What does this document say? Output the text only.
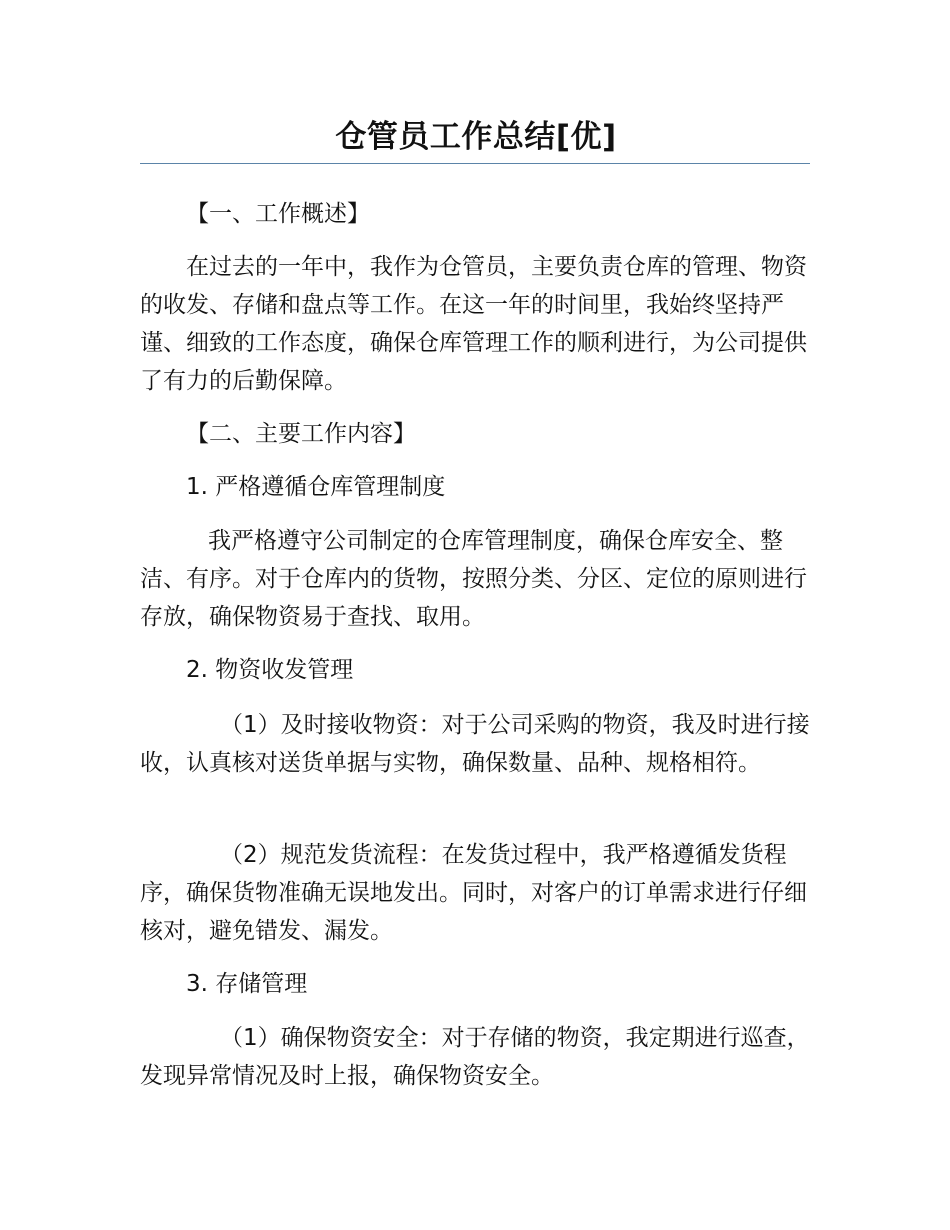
仓管员工作总结[优]

【一、工作概述】

在过去的一年中，我作为仓管员，主要负责仓库的管理、物资的收发、存储和盘点等工作。在这一年的时间里，我始终坚持严谨、细致的工作态度，确保仓库管理工作的顺利进行，为公司提供了有力的后勤保障。

【二、主要工作内容】

1. 严格遵循仓库管理制度

我严格遵守公司制定的仓库管理制度，确保仓库安全、整洁、有序。对于仓库内的货物，按照分类、分区、定位的原则进行存放，确保物资易于查找、取用。

2. 物资收发管理

（1）及时接收物资：对于公司采购的物资，我及时进行接收，认真核对送货单据与实物，确保数量、品种、规格相符。

（2）规范发货流程：在发货过程中，我严格遵循发货程序，确保货物准确无误地发出。同时，对客户的订单需求进行仔细核对，避免错发、漏发。

3. 存储管理

（1）确保物资安全：对于存储的物资，我定期进行巡查，发现异常情况及时上报，确保物资安全。
